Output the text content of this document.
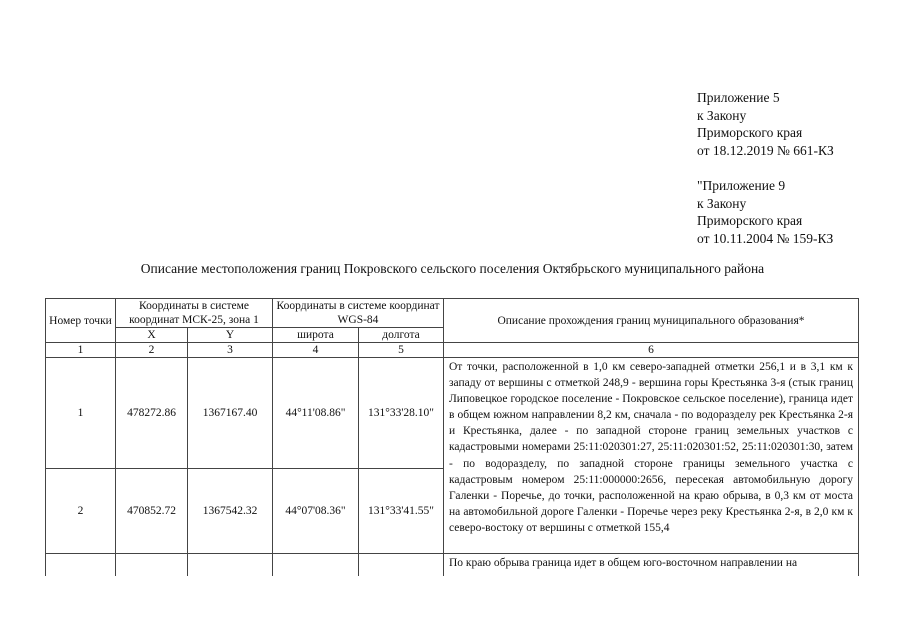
Приложение 5
к Закону
Приморского края
от 18.12.2019 № 661-КЗ
"Приложение 9
к Закону
Приморского края
от 10.11.2004 № 159-КЗ
Описание местоположения границ Покровского сельского поселения Октябрьского муниципального района
Номер точки	Координаты в системе координат МСК-25, зона 1		Координаты в системе координат WGS-84		Описание прохождения границ муниципального образования*
	X	Y	широта	долгота	
1	2	3	4	5	6
1	478272.86	1367167.40	44°11'08.86"	131°33'28.10"	От точки, расположенной в 1,0 км северо-западней отметки 256,1 и в 3,1 км к западу от вершины с отметкой 248,9 - вершина горы Крестьянка 3-я (стык границ Липовецкое городское поселение - Покровское сельское поселение), граница идет в общем южном направлении 8,2 км, сначала - по водоразделу рек Крестьянка 2-я и Крестьянка, далее - по западной стороне границ земельных участков с кадастровыми номерами 25:11:020301:27, 25:11:020301:52, 25:11:020301:30, затем - по водоразделу, по западной стороне границы земельного участка с кадастровым номером 25:11:000000:2656, пересекая автомобильную дорогу Галенки - Поречье, до точки, расположенной на краю обрыва, в 0,3 км от моста на автомобильной дороге Галенки - Поречье через реку Крестьянка 2-я, в 2,0 км к северо-востоку от вершины с отметкой 155,4
2	470852.72	1367542.32	44°07'08.36"	131°33'41.55"	
					По краю обрыва граница идет в общем юго-восточном направлении на
